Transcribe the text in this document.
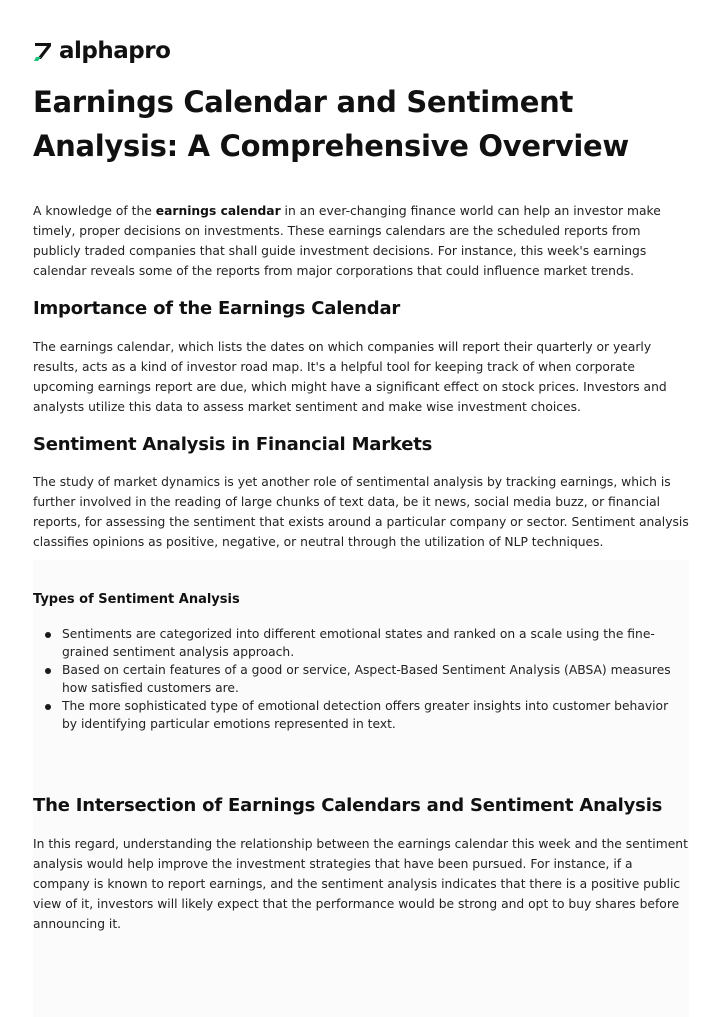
alphapro
Earnings Calendar and Sentiment Analysis: A Comprehensive Overview

A knowledge of the earnings calendar in an ever-changing finance world can help an investor make timely, proper decisions on investments. These earnings calendars are the scheduled reports from publicly traded companies that shall guide investment decisions. For instance, this week's earnings calendar reveals some of the reports from major corporations that could influence market trends.

Importance of the Earnings Calendar

The earnings calendar, which lists the dates on which companies will report their quarterly or yearly results, acts as a kind of investor road map. It's a helpful tool for keeping track of when corporate upcoming earnings report are due, which might have a significant effect on stock prices. Investors and analysts utilize this data to assess market sentiment and make wise investment choices.

Sentiment Analysis in Financial Markets

The study of market dynamics is yet another role of sentimental analysis by tracking earnings, which is further involved in the reading of large chunks of text data, be it news, social media buzz, or financial reports, for assessing the sentiment that exists around a particular company or sector. Sentiment analysis classifies opinions as positive, negative, or neutral through the utilization of NLP techniques.

Types of Sentiment Analysis
Sentiments are categorized into different emotional states and ranked on a scale using the fine-grained sentiment analysis approach.
Based on certain features of a good or service, Aspect-Based Sentiment Analysis (ABSA) measures how satisfied customers are.
The more sophisticated type of emotional detection offers greater insights into customer behavior by identifying particular emotions represented in text.
The Intersection of Earnings Calendars and Sentiment Analysis

In this regard, understanding the relationship between the earnings calendar this week and the sentiment analysis would help improve the investment strategies that have been pursued. For instance, if a company is known to report earnings, and the sentiment analysis indicates that there is a positive public view of it, investors will likely expect that the performance would be strong and opt to buy shares before announcing it.
